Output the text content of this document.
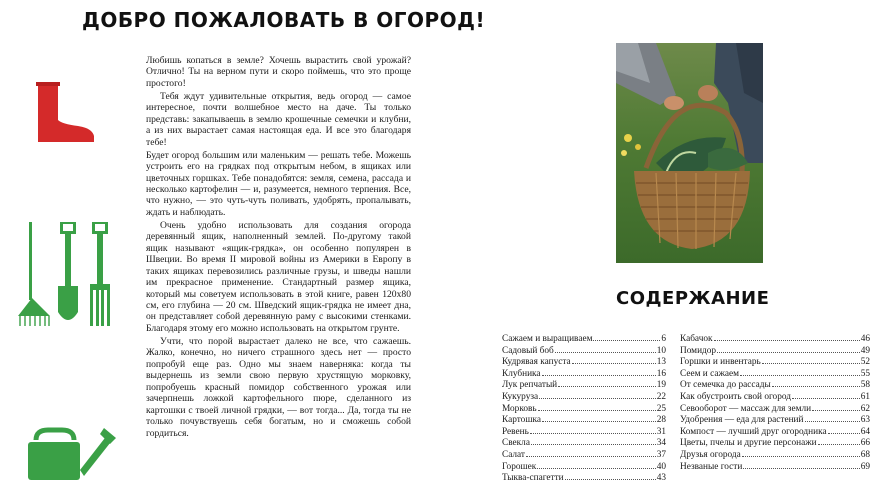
ДОБРО ПОЖАЛОВАТЬ В ОГОРОД!

Любишь копаться в земле? Хочешь вырастить свой урожай? Отлично! Ты на верном пути и скоро поймешь, что это проще простого!

Тебя ждут удивительные открытия, ведь огород — самое интересное, почти волшебное место на даче. Ты только представь: закапываешь в землю крошечные семечки и клубни, а из них вырастает самая настоящая еда. И все это благодаря тебе!

Будет огород большим или маленьким — решать тебе. Можешь устроить его на грядках под открытым небом, в ящиках или цветочных горшках. Тебе понадобятся: земля, семена, рассада и несколько картофелин — и, разумеется, немного терпения. Все, что нужно, — это чуть-чуть поливать, удобрять, пропалывать, ждать и наблюдать.

Очень удобно использовать для создания огорода деревянный ящик, наполненный землей. По-другому такой ящик называют «ящик-грядка», он особенно популярен в Швеции. Во время II мировой войны из Америки в Европу в таких ящиках перевозились различные грузы, и шведы нашли им прекрасное применение. Стандартный размер ящика, который мы советуем использовать в этой книге, равен 120х80 см, его глубина — 20 см. Шведский ящик-грядка не имеет дна, он представляет собой деревянную раму с высокими стенками. Благодаря этому его можно использовать на открытом грунте.

Учти, что порой вырастает далеко не все, что сажаешь. Жалко, конечно, но ничего страшного здесь нет — просто попробуй еще раз. Одно мы знаем наверняка: когда ты выдернешь из земли свою первую хрустящую морковку, попробуешь красный помидор собственного урожая или зачерпнешь ложкой картофельного пюре, сделанного из картошки с твоей личной грядки, — вот тогда... Да, тогда ты не только почувствуешь себя богатым, но и сможешь собой гордиться.

СОДЕРЖАНИЕ
Сажаем и выращиваем	6
Садовый боб	10
Кудрявая капуста	13
Клубника	16
Лук репчатый	19
Кукуруза	22
Морковь	25
Картошка	28
Ревень	31
Свекла	34
Салат	37
Горошек	40
Тыква-спагетти	43
Кабачок	46
Помидор	49
Горшки и инвентарь	52
Сеем и сажаем	55
От семечка до рассады	58
Как обустроить свой огород	61
Севооборот — массаж для земли	62
Удобрения — еда для растений	63
Компост — лучший друг огородника	64
Цветы, пчелы и другие персонажи	66
Друзья огорода	68
Незваные гости	69
